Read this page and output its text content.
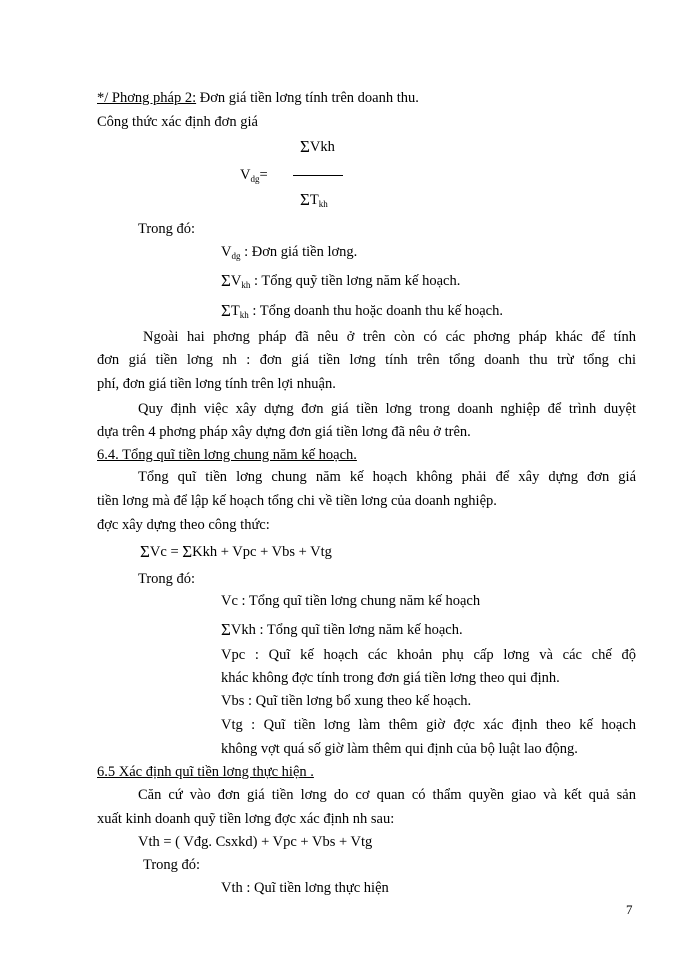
*/ Phơng pháp 2: Đơn giá tiền lơng tính trên doanh thu.
Công thức xác định đơn giá
ΣVkh
$V_{dg}=$
$\Sigma T_{kh}$
Trong đó:
$V_{dg}$ : Đơn giá tiền lơng.
$\Sigma V_{kh}$ : Tổng quỹ tiền lơng năm kế hoạch.
$\Sigma T_{kh}$ : Tổng doanh thu hoặc doanh thu kế hoạch.
Ngoài hai phơng pháp đã nêu ở trên còn có các phơng pháp khác để tính
đơn giá tiền lơng nh : đơn giá tiền lơng tính trên tổng doanh thu trừ tổng chi
phí, đơn giá tiền lơng tính trên lợi nhuận.
Quy định việc xây dựng đơn giá tiền lơng trong doanh nghiệp để trình duyệt
dựa trên 4 phơng pháp xây dựng đơn giá tiền lơng đã nêu ở trên.
6.4. Tổng quĩ tiền lơng chung năm kế hoạch.
Tổng quĩ tiền lơng chung năm kế hoạch không phải để xây dựng đơn giá
tiền lơng mà để lập kế hoạch tổng chi về tiền lơng của doanh nghiệp.
đợc xây dựng theo công thức:
ΣVc = ΣKkh + Vpc + Vbs + Vtg
Trong đó:
Vc : Tổng quĩ tiền lơng chung năm kế hoạch
ΣVkh : Tổng quĩ tiền lơng năm kế hoạch.
Vpc : Quĩ kế hoạch các khoản phụ cấp lơng và các chế độ
khác không đợc tính trong đơn giá tiền lơng theo qui định.
Vbs : Quĩ tiền lơng bổ xung theo kế hoạch.
Vtg : Quĩ tiền lơng làm thêm giờ đợc xác định theo kế hoạch
không vợt quá số giờ làm thêm qui định của bộ luật lao động.
6.5 Xác định quĩ tiền lơng thực hiện .
Căn cứ vào đơn giá tiền lơng do cơ quan có thẩm quyền giao và kết quả sản
xuất kinh doanh quỹ tiền lơng đợc xác định nh sau:
Vth = ( Vđg. Csxkd) + Vpc + Vbs + Vtg
Trong đó:
Vth : Quĩ tiền lơng thực hiện
7
